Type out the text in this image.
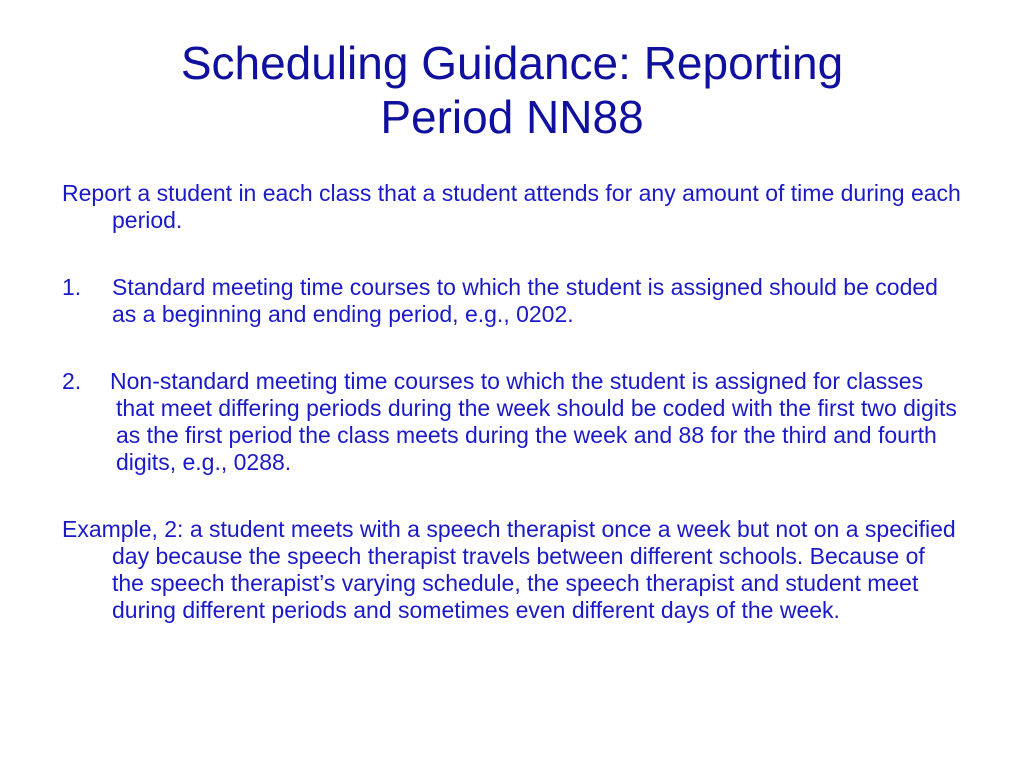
Scheduling Guidance: Reporting
Period NN88

Report a student in each class that a student attends for any amount of time during each period.

1. Standard meeting time courses to which the student is assigned should be coded as a beginning and ending period, e.g., 0202.

2. Non-standard meeting time courses to which the student is assigned for classes that meet differing periods during the week should be coded with the first two digits as the first period the class meets during the week and 88 for the third and fourth digits, e.g., 0288.

Example, 2: a student meets with a speech therapist once a week but not on a specified day because the speech therapist travels between different schools. Because of the speech therapist’s varying schedule, the speech therapist and student meet during different periods and sometimes even different days of the week.
